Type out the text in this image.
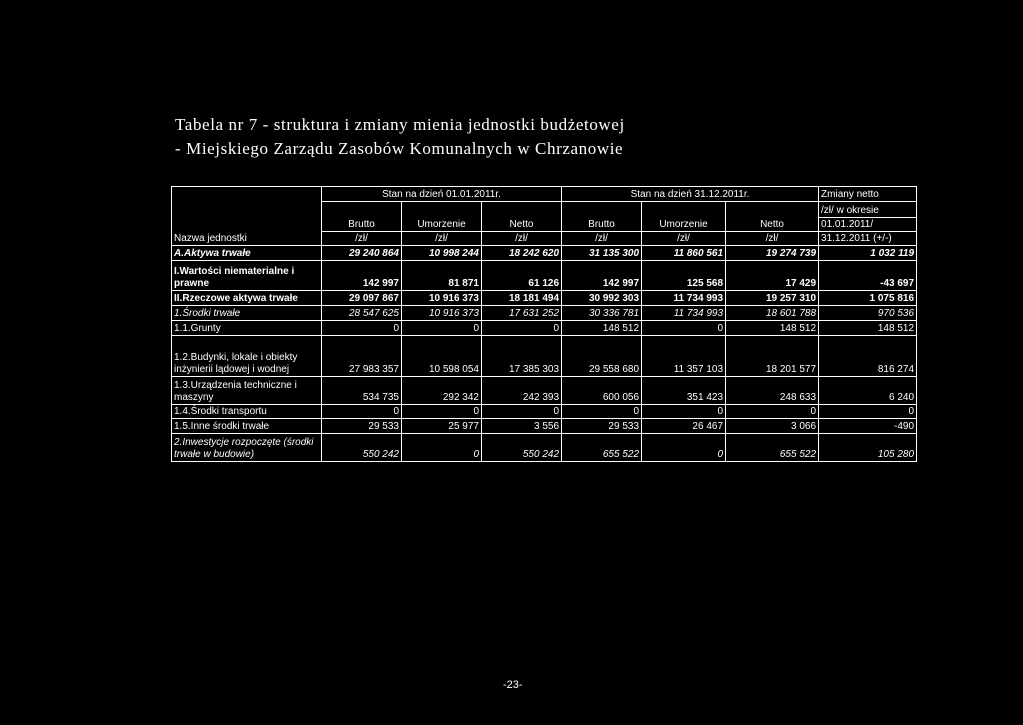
Tabela nr 7 - struktura i zmiany mienia jednostki budżetowej
- Miejskiego Zarządu Zasobów Komunalnych w Chrzanowie
Nazwa jednostki	Stan na dzień 01.01.2011r.			Stan na dzień 31.12.2011r.			Zmiany netto
	Brutto	Umorzenie	Netto	Brutto	Umorzenie	Netto	/zł/ w okresie
							01.01.2011/
	/zł/	/zł/	/zł/	/zł/	/zł/	/zł/	31.12.2011 (+/-)
A.Aktywa trwałe	29 240 864	10 998 244	18 242 620	31 135 300	11 860 561	19 274 739	1 032 119
I.Wartości niematerialne i prawne	142 997	81 871	61 126	142 997	125 568	17 429	-43 697
II.Rzeczowe aktywa trwałe	29 097 867	10 916 373	18 181 494	30 992 303	11 734 993	19 257 310	1 075 816
1.Środki trwałe	28 547 625	10 916 373	17 631 252	30 336 781	11 734 993	18 601 788	970 536
1.1.Grunty	0	0	0	148 512	0	148 512	148 512
1.2.Budynki, lokale i obiekty inżynierii lądowej i wodnej	27 983 357	10 598 054	17 385 303	29 558 680	11 357 103	18 201 577	816 274
1.3.Urządzenia techniczne i maszyny	534 735	292 342	242 393	600 056	351 423	248 633	6 240
1.4.Środki transportu	0	0	0	0	0	0	0
1.5.Inne środki trwałe	29 533	25 977	3 556	29 533	26 467	3 066	-490
2.Inwestycje rozpoczęte (środki trwałe w budowie)	550 242	0	550 242	655 522	0	655 522	105 280
-23-
